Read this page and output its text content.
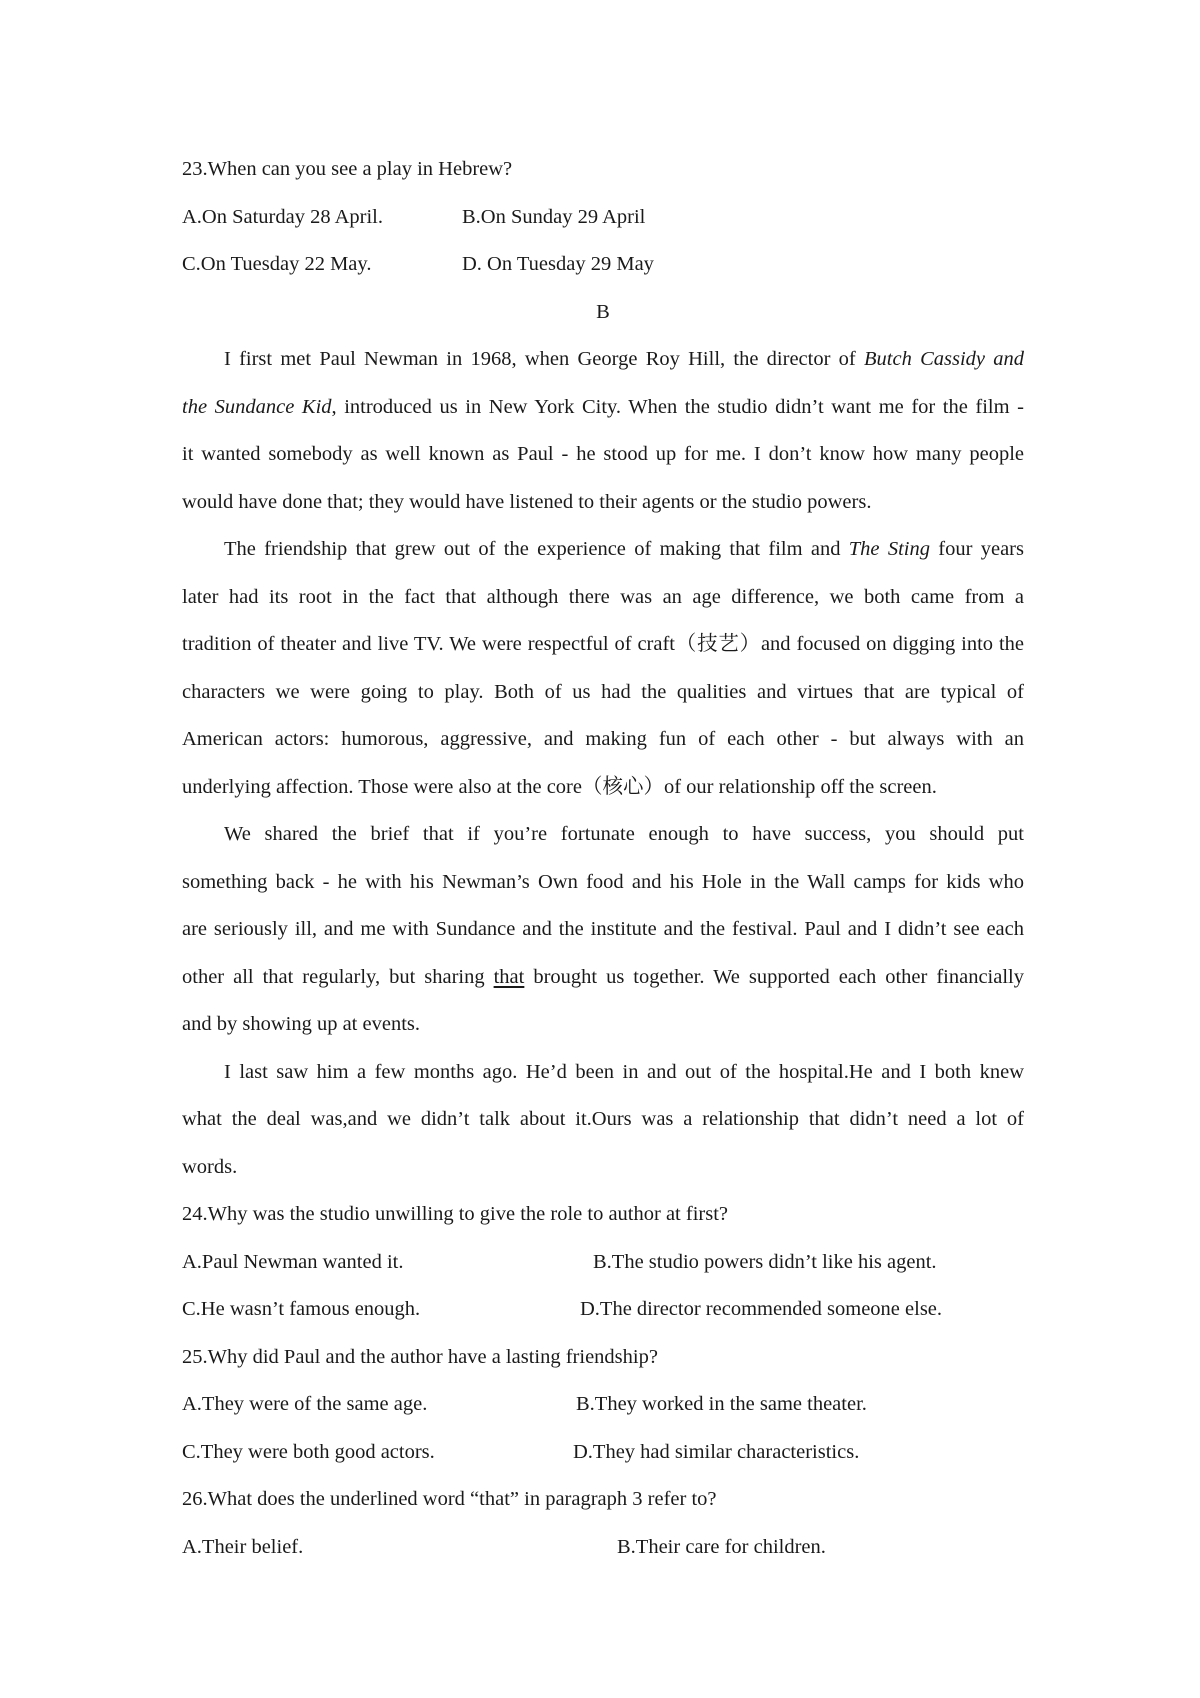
23.When can you see a play in Hebrew?
A.On Saturday 28 April.	B.On Sunday 29 April
C.On Tuesday 22 May.	D. On Tuesday 29 May
B
I first met Paul Newman in 1968, when George Roy Hill, the director of Butch Cassidy and
the Sundance Kid, introduced us in New York City. When the studio didn’t want me for the film -
it wanted somebody as well known as Paul - he stood up for me. I don’t know how many people
would have done that; they would have listened to their agents or the studio powers.
The friendship that grew out of the experience of making that film and The Sting four years
later had its root in the fact that although there was an age difference, we both came from a
tradition of theater and live TV. We were respectful of craft（技艺）and focused on digging into the
characters we were going to play. Both of us had the qualities and virtues that are typical of
American actors: humorous, aggressive, and making fun of each other - but always with an
underlying affection. Those were also at the core（核心）of our relationship off the screen.
We shared the brief that if you’re fortunate enough to have success, you should put
something back - he with his Newman’s Own food and his Hole in the Wall camps for kids who
are seriously ill, and me with Sundance and the institute and the festival. Paul and I didn’t see each
other all that regularly, but sharing that brought us together. We supported each other financially
and by showing up at events.
I last saw him a few months ago. He’d been in and out of the hospital.He and I both knew
what the deal was,and we didn’t talk about it.Ours was a relationship that didn’t need a lot of
words.
24.Why was the studio unwilling to give the role to author at first?
A.Paul Newman wanted it.	B.The studio powers didn’t like his agent.
C.He wasn’t famous enough.	D.The director recommended someone else.
25.Why did Paul and the author have a lasting friendship?
A.They were of the same age.	B.They worked in the same theater.
C.They were both good actors.	D.They had similar characteristics.
26.What does the underlined word “that” in paragraph 3 refer to?
A.Their belief.	B.Their care for children.
